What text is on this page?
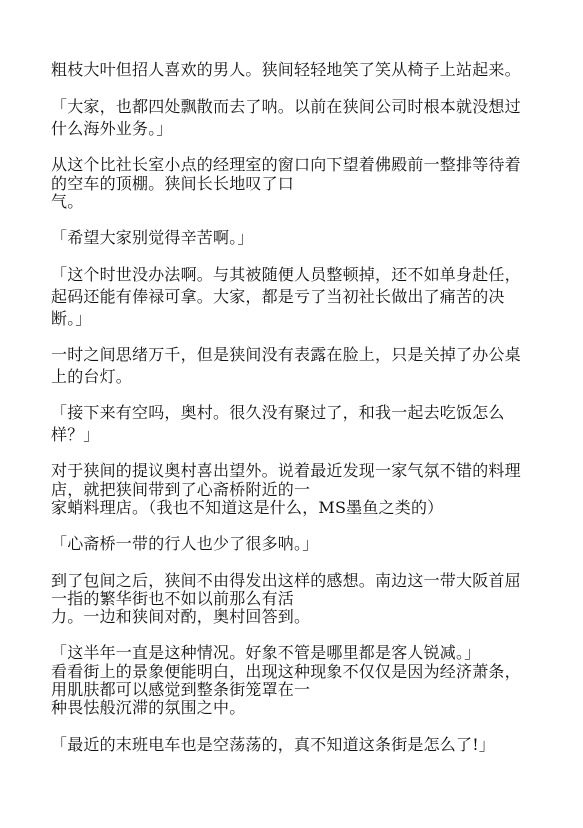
粗枝大叶但招人喜欢的男人。狭间轻轻地笑了笑从椅子上站起来。
「大家，也都四处飘散而去了呐。以前在狭间公司时根本就没想过
什么海外业务。」
从这个比社长室小点的经理室的窗口向下望着佛殿前一整排等待着
的空车的顶棚。狭间长长地叹了口
气。
「希望大家别觉得辛苦啊。」
「这个时世没办法啊。与其被随便人员整顿掉，还不如单身赴任，
起码还能有俸禄可拿。大家，都是亏了当初社长做出了痛苦的决
断。」
一时之间思绪万千，但是狭间没有表露在脸上，只是关掉了办公桌
上的台灯。
「接下来有空吗，奥村。很久没有聚过了，和我一起去吃饭怎么
样？」
对于狭间的提议奥村喜出望外。说着最近发现一家气氛不错的料理
店，就把狭间带到了心斋桥附近的一
家蛸料理店。（我也不知道这是什么，MS墨鱼之类的）
「心斋桥一带的行人也少了很多呐。」
到了包间之后，狭间不由得发出这样的感想。南边这一带大阪首屈
一指的繁华街也不如以前那么有活
力。一边和狭间对酌，奥村回答到。
「这半年一直是这种情况。好象不管是哪里都是客人锐减。」
看看街上的景象便能明白，出现这种现象不仅仅是因为经济萧条，
用肌肤都可以感觉到整条街笼罩在一
种畏怯般沉滞的氛围之中。
「最近的末班电车也是空荡荡的，真不知道这条街是怎么了!」
